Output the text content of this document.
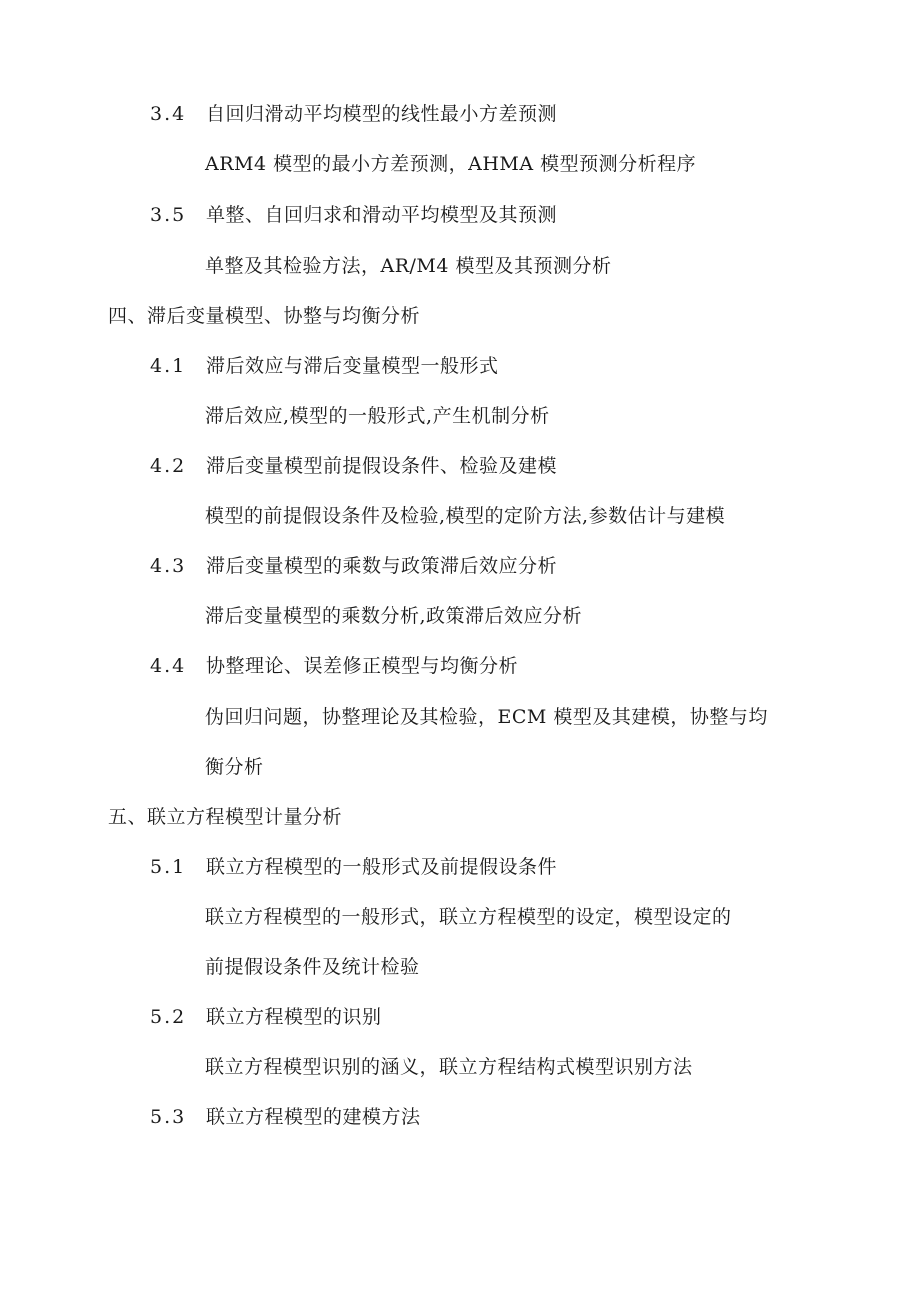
3.4 自回归滑动平均模型的线性最小方差预测
ARM4 模型的最小方差预测，AHMA 模型预测分析程序
3.5 单整、自回归求和滑动平均模型及其预测
单整及其检验方法，AR/M4 模型及其预测分析
四、滞后变量模型、协整与均衡分析
4.1 滞后效应与滞后变量模型一般形式
滞后效应,模型的一般形式,产生机制分析
4.2 滞后变量模型前提假设条件、检验及建模
模型的前提假设条件及检验,模型的定阶方法,参数估计与建模
4.3 滞后变量模型的乘数与政策滞后效应分析
滞后变量模型的乘数分析,政策滞后效应分析
4.4 协整理论、误差修正模型与均衡分析
伪回归问题，协整理论及其检验，ECM 模型及其建模，协整与均
衡分析
五、联立方程模型计量分析
5.1 联立方程模型的一般形式及前提假设条件
联立方程模型的一般形式，联立方程模型的设定，模型设定的
前提假设条件及统计检验
5.2 联立方程模型的识别
联立方程模型识别的涵义，联立方程结构式模型识别方法
5.3 联立方程模型的建模方法
